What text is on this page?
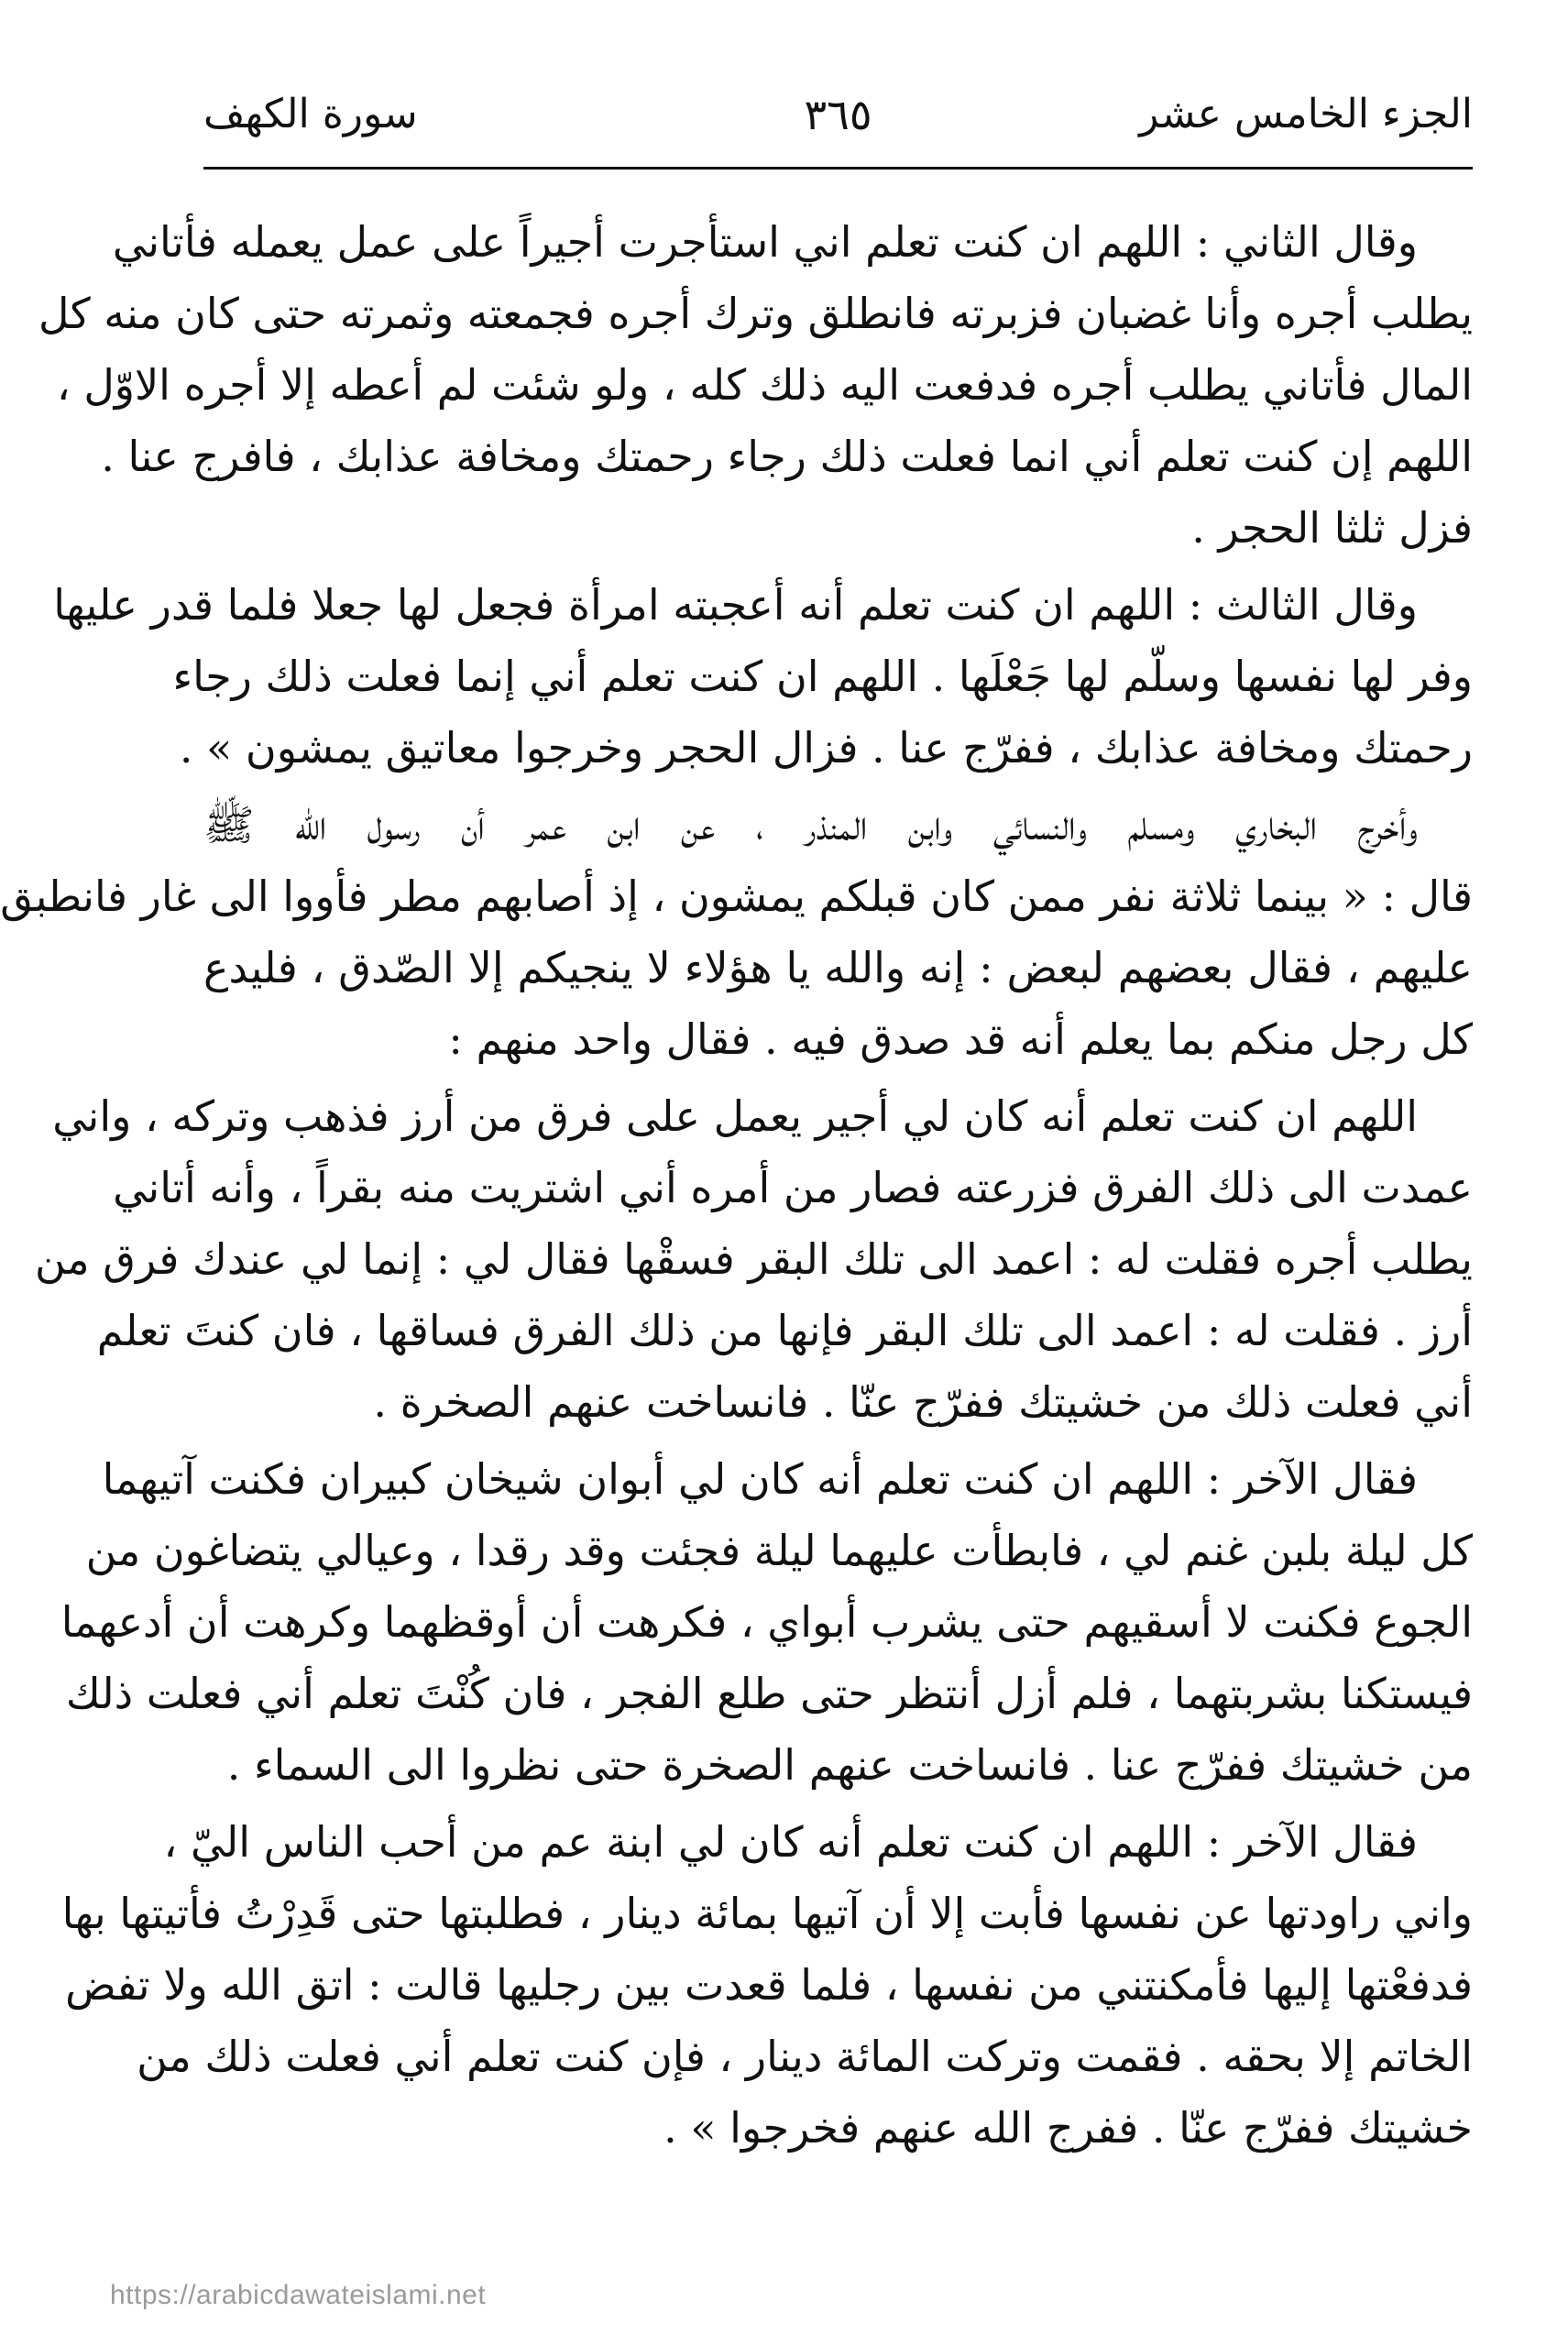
الجزء الخامس عشر
٣٦٥
سورة الكهف
وقال الثاني : اللهم ان كنت تعلم اني استأجرت أجيراً على عمل يعمله فأتاني
يطلب أجره وأنا غضبان فزبرته فانطلق وترك أجره فجمعته وثمرته حتى كان منه كل
المال فأتاني يطلب أجره فدفعت اليه ذلك كله ، ولو شئت لم أعطه إلا أجره الاوّل ،
اللهم إن كنت تعلم أني انما فعلت ذلك رجاء رحمتك ومخافة عذابك ، فافرج عنا .
فزل ثلثا الحجر .
وقال الثالث : اللهم ان كنت تعلم أنه أعجبته امرأة فجعل لها جعلا فلما قدر عليها
وفر لها نفسها وسلّم لها جَعْلَها . اللهم ان كنت تعلم أني إنما فعلت ذلك رجاء
رحمتك ومخافة عذابك ، ففرّج عنا . فزال الحجر وخرجوا معاتيق يمشون » .
وأخرج البخاري ومسلم والنسائي وابن المنذر ، عن ابن عمر أن رسول الله ﷺ
قال : « بينما ثلاثة نفر ممن كان قبلكم يمشون ، إذ أصابهم مطر فأووا الى غار فانطبق
عليهم ، فقال بعضهم لبعض : إنه والله يا هؤلاء لا ينجيكم إلا الصّدق ، فليدع
كل رجل منكم بما يعلم أنه قد صدق فيه . فقال واحد منهم :
اللهم ان كنت تعلم أنه كان لي أجير يعمل على فرق من أرز فذهب وتركه ، واني
عمدت الى ذلك الفرق فزرعته فصار من أمره أني اشتريت منه بقراً ، وأنه أتاني
يطلب أجره فقلت له : اعمد الى تلك البقر فسقْها فقال لي : إنما لي عندك فرق من
أرز . فقلت له : اعمد الى تلك البقر فإنها من ذلك الفرق فساقها ، فان كنتَ تعلم
أني فعلت ذلك من خشيتك ففرّج عنّا . فانساخت عنهم الصخرة .
فقال الآخر : اللهم ان كنت تعلم أنه كان لي أبوان شيخان كبيران فكنت آتيهما
كل ليلة بلبن غنم لي ، فابطأت عليهما ليلة فجئت وقد رقدا ، وعيالي يتضاغون من
الجوع فكنت لا أسقيهم حتى يشرب أبواي ، فكرهت أن أوقظهما وكرهت أن أدعهما
فيستكنا بشربتهما ، فلم أزل أنتظر حتى طلع الفجر ، فان كُنْتَ تعلم أني فعلت ذلك
من خشيتك ففرّج عنا . فانساخت عنهم الصخرة حتى نظروا الى السماء .
فقال الآخر : اللهم ان كنت تعلم أنه كان لي ابنة عم من أحب الناس اليّ ،
واني راودتها عن نفسها فأبت إلا أن آتيها بمائة دينار ، فطلبتها حتى قَدِرْتُ فأتيتها بها
فدفعْتها إليها فأمكنتني من نفسها ، فلما قعدت بين رجليها قالت : اتق الله ولا تفض
الخاتم إلا بحقه . فقمت وتركت المائة دينار ، فإن كنت تعلم أني فعلت ذلك من
خشيتك ففرّج عنّا . ففرج الله عنهم فخرجوا » .
https://arabicdawateislami.net
